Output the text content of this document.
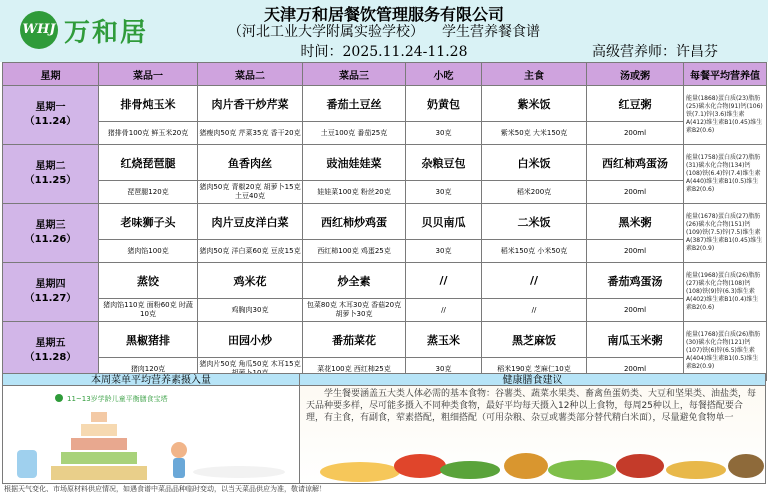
WHJ 万和居
天津万和居餐饮管理服务有限公司
（河北工业大学附属实验学校） 学生营养餐食谱
时间：2025.11.24-11.28	高级营养师：许昌芬
星期	菜品一	菜品二	菜品三	小吃	主食	汤或粥	每餐平均营养值

星期一
（11.24）	排骨炖玉米	肉片香干炒芹菜	番茄土豆丝	奶黄包	紫米饭	红豆粥	能量(1868)蛋白质(23)脂肪(25)碳水化合物(91)钙(106)铁(7.1)锌(3.6)维生素A(412)维生素B1(0.45)维生素B2(0.6)
	猪排骨100克 鲜玉米20克	猪瘦肉50克 芹菜35克 香干20克	土豆100克 番茄25克	30克	紫米50克 大米150克	200ml	

星期二
（11.25）	红烧琵琶腿	鱼香肉丝	豉油娃娃菜	杂粮豆包	白米饭	西红柿鸡蛋汤	能量(1758)蛋白质(27)脂肪(31)碳水化合物(134)钙(108)铁(6.4)锌(7.4)维生素A(440)维生素B1(0.5)维生素B2(0.6)
	琵琶腿120克	猪肉50克 青椒20克 胡萝卜15克 土豆40克	娃娃菜100克 粉丝20克	30克	稻米200克	200ml	

星期三
（11.26）	老味狮子头	肉片豆皮洋白菜	西红柿炒鸡蛋	贝贝南瓜	二米饭	黑米粥	能量(1678)蛋白质(27)脂肪(26)碳水化合物(151)钙(109)铁(7.5)锌(7.5)维生素A(387)维生素B1(0.45)维生素B2(0.9)
	猪肉馅100克	猪肉50克 洋白菜60克 豆皮15克	西红柿100克 鸡蛋25克	30克	稻米150克 小米50克	200ml	

星期四
（11.27）	蒸饺	鸡米花	炒全素	//	//	番茄鸡蛋汤	能量(1968)蛋白质(26)脂肪(27)碳水化合物(108)钙(108)铁(9)锌(6.3)维生素A(402)维生素B1(0.4)维生素B2(0.6)
	猪肉馅110克 面粉60克 时蔬10克	鸡胸肉30克	包菜80克 木耳30克 香菇20克 胡萝卜30克	//	//	200ml	

星期五
（11.28）	黑椒猪排	田园小炒	番茄菜花	蒸玉米	黑芝麻饭	南瓜玉米粥	能量(1768)蛋白质(26)脂肪(30)碳水化合物(121)钙(107)铁(6)锌(6.5)维生素A(404)维生素B1(0.5)维生素B2(0.9)
	猪肉120克	猪肉片50克 角瓜50克 木耳15克	菜花100克 西红柿25克	30克	稻米190克 芝麻仁10克	200ml	
本周菜单平均营养素摄入量	健康膳食建议
11~13岁学龄儿童平衡膳食宝塔	学生餐要涵盖五大类人体必需的基本食物：谷薯类、蔬菜水果类、畜禽鱼蛋奶类、大豆和坚果类、油盐类，每天品种要多样，尽可能多摄入不同种类食物，最好平均每天摄入12种以上食物，每周25种以上，每餐搭配要合理，有主食，有副食，荤素搭配，粗细搭配（可用杂粮、杂豆或薯类部分替代精白米面），尽量避免食物单一
根据天气变化、市场原材料供应情况，如遇食谱中菜品品种临时变动，以当天菜品供应为准，敬请谅解！
